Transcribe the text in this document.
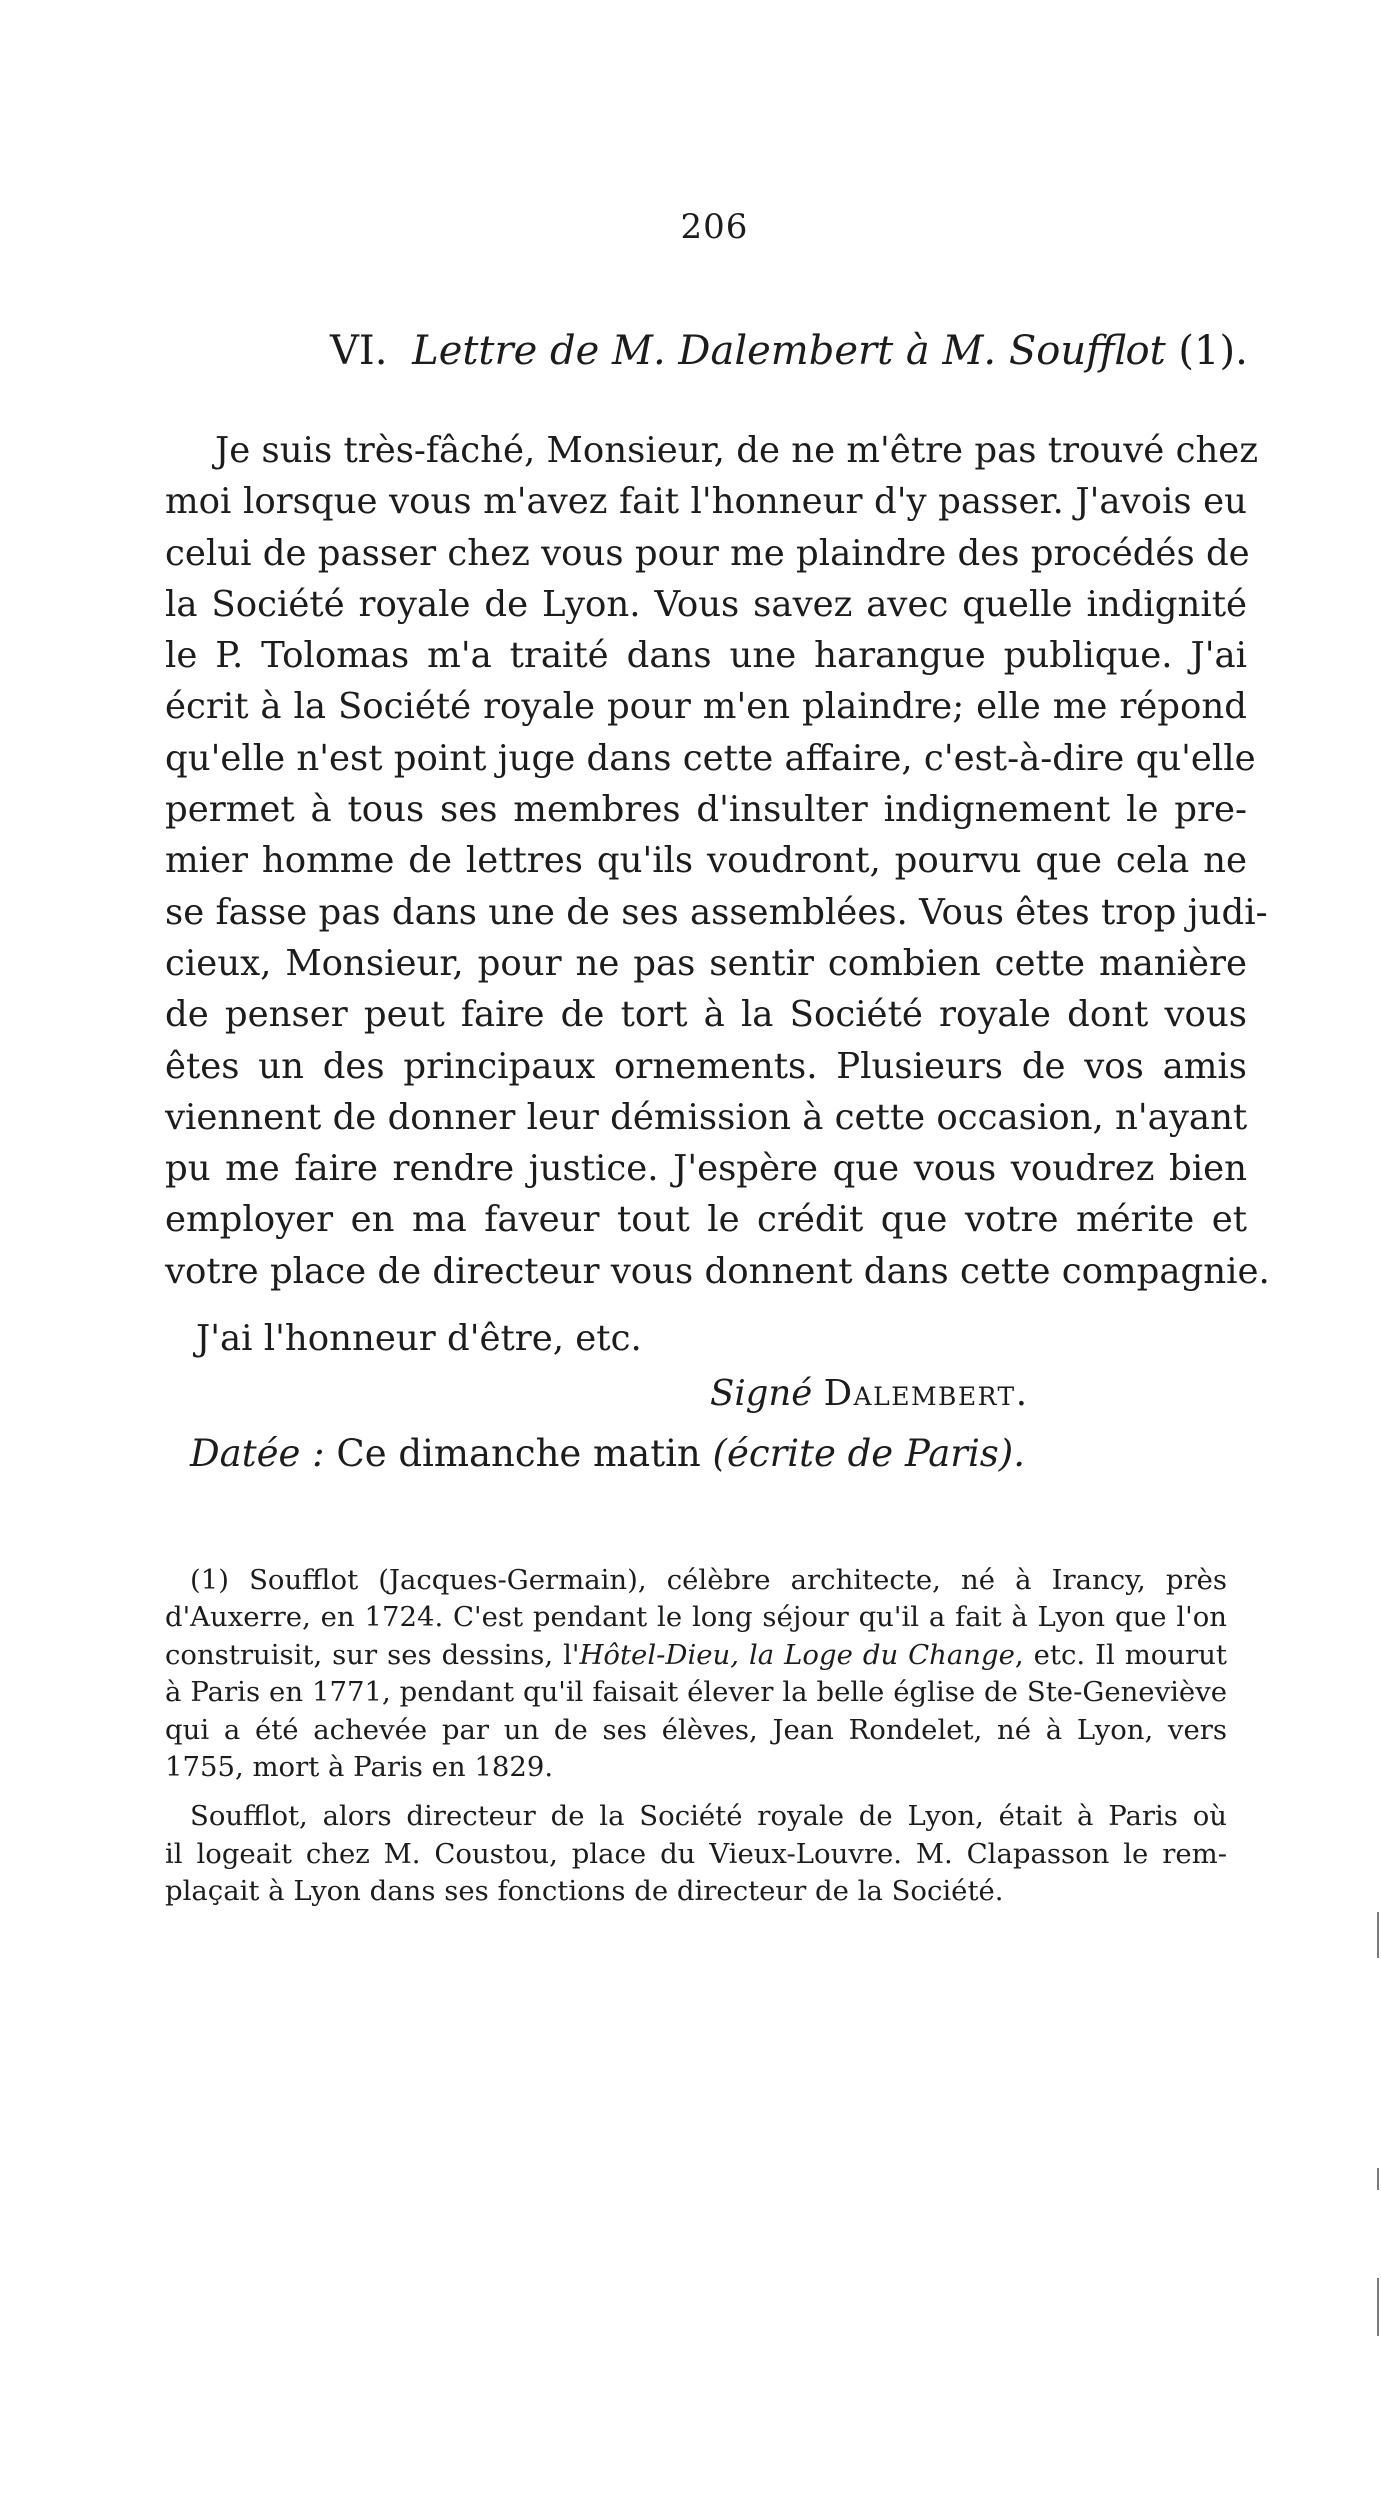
206
VI. Lettre de M. Dalembert à M. Soufflot (1).
Je suis très-fâché, Monsieur, de ne m'être pas trouvé chez
moi lorsque vous m'avez fait l'honneur d'y passer. J'avois eu
celui de passer chez vous pour me plaindre des procédés de
la Société royale de Lyon. Vous savez avec quelle indignité
le P. Tolomas m'a traité dans une harangue publique. J'ai
écrit à la Société royale pour m'en plaindre; elle me répond
qu'elle n'est point juge dans cette affaire, c'est-à-dire qu'elle
permet à tous ses membres d'insulter indignement le pre-
mier homme de lettres qu'ils voudront, pourvu que cela ne
se fasse pas dans une de ses assemblées. Vous êtes trop judi-
cieux, Monsieur, pour ne pas sentir combien cette manière
de penser peut faire de tort à la Société royale dont vous
êtes un des principaux ornements. Plusieurs de vos amis
viennent de donner leur démission à cette occasion, n'ayant
pu me faire rendre justice. J'espère que vous voudrez bien
employer en ma faveur tout le crédit que votre mérite et
votre place de directeur vous donnent dans cette compagnie.
J'ai l'honneur d'être, etc.
Signé Dalembert.
Datée : Ce dimanche matin (écrite de Paris).
(1) Soufflot (Jacques-Germain), célèbre architecte, né à Irancy, près
d'Auxerre, en 1724. C'est pendant le long séjour qu'il a fait à Lyon que l'on
construisit, sur ses dessins, l'Hôtel-Dieu, la Loge du Change, etc. Il mourut
à Paris en 1771, pendant qu'il faisait élever la belle église de Ste-Geneviève
qui a été achevée par un de ses élèves, Jean Rondelet, né à Lyon, vers
1755, mort à Paris en 1829.
Soufflot, alors directeur de la Société royale de Lyon, était à Paris où
il logeait chez M. Coustou, place du Vieux-Louvre. M. Clapasson le rem-
plaçait à Lyon dans ses fonctions de directeur de la Société.
